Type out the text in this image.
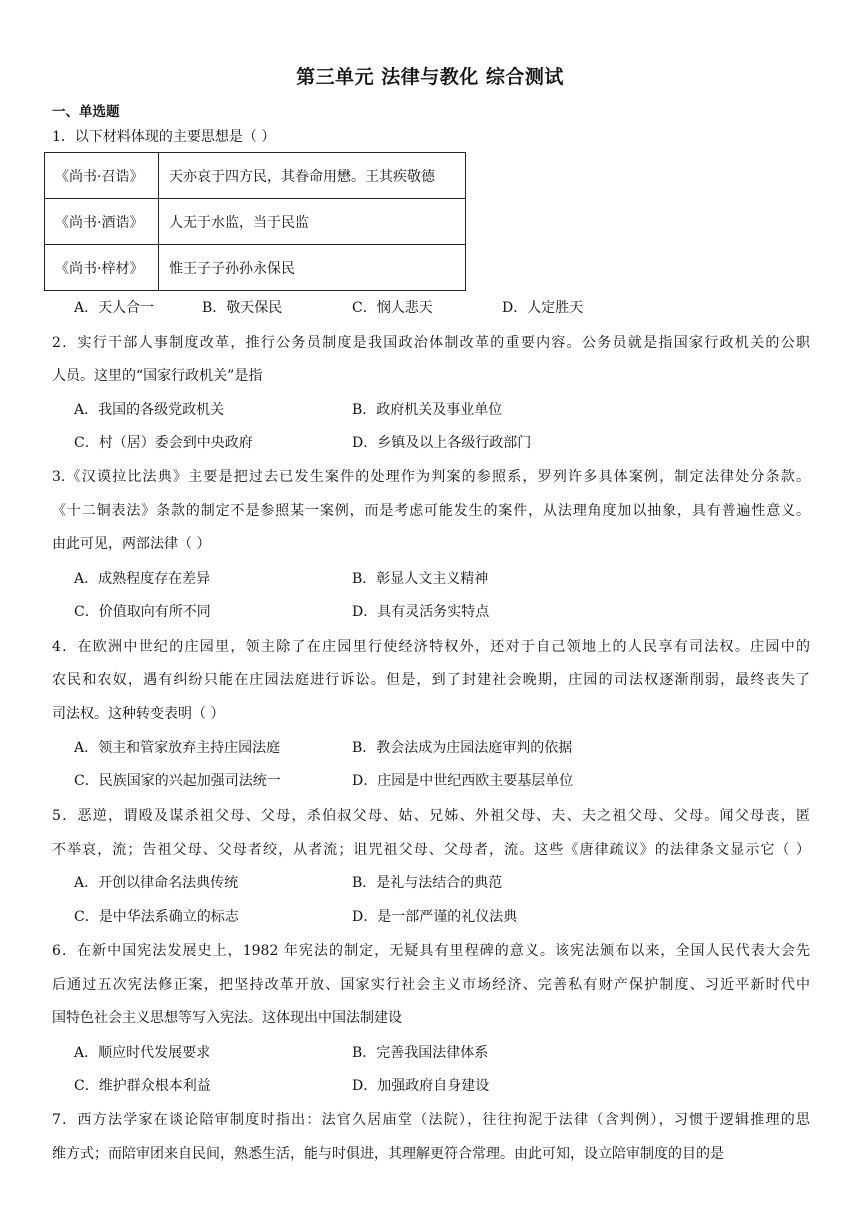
第三单元 法律与教化 综合测试
一、单选题
1．以下材料体现的主要思想是（ ）
《尚书·召诰》	天亦哀于四方民，其眷命用懋。王其疾敬德
《尚书·酒诰》	人无于水监，当于民监
《尚书·梓材》	惟王子子孙孙永保民
A．天人合一	B．敬天保民	C．悯人悲天	D．人定胜天
2．实行干部人事制度改革，推行公务员制度是我国政治体制改革的重要内容。公务员就是指国家行政机关的公职
人员。这里的“国家行政机关”是指
A．我国的各级党政机关	B．政府机关及事业单位
C．村（居）委会到中央政府	D．乡镇及以上各级行政部门
3.《汉谟拉比法典》主要是把过去已发生案件的处理作为判案的参照系，罗列许多具体案例，制定法律处分条款。
《十二铜表法》条款的制定不是参照某一案例，而是考虑可能发生的案件，从法理角度加以抽象，具有普遍性意义。
由此可见，两部法律（ ）
A．成熟程度存在差异	B．彰显人文主义精神
C．价值取向有所不同	D．具有灵活务实特点
4．在欧洲中世纪的庄园里，领主除了在庄园里行使经济特权外，还对于自己领地上的人民享有司法权。庄园中的
农民和农奴，遇有纠纷只能在庄园法庭进行诉讼。但是，到了封建社会晚期，庄园的司法权逐渐削弱，最终丧失了
司法权。这种转变表明（ ）
A．领主和管家放弃主持庄园法庭	B．教会法成为庄园法庭审判的依据
C．民族国家的兴起加强司法统一	D．庄园是中世纪西欧主要基层单位
5．恶逆，谓殴及谋杀祖父母、父母，杀伯叔父母、姑、兄姊、外祖父母、夫、夫之祖父母、父母。闻父母丧，匿
不举哀，流；告祖父母、父母者绞，从者流；诅咒祖父母、父母者，流。这些《唐律疏议》的法律条文显示它（ ）
A．开创以律命名法典传统	B．是礼与法结合的典范
C．是中华法系确立的标志	D．是一部严谨的礼仪法典
6．在新中国宪法发展史上，1982 年宪法的制定，无疑具有里程碑的意义。该宪法颁布以来，全国人民代表大会先
后通过五次宪法修正案，把坚持改革开放、国家实行社会主义市场经济、完善私有财产保护制度、习近平新时代中
国特色社会主义思想等写入宪法。这体现出中国法制建设
A．顺应时代发展要求	B．完善我国法律体系
C．维护群众根本利益	D．加强政府自身建设
7．西方法学家在谈论陪审制度时指出：法官久居庙堂（法院），往往拘泥于法律（含判例），习惯于逻辑推理的思
维方式；而陪审团来自民间，熟悉生活，能与时俱进，其理解更符合常理。由此可知，设立陪审制度的目的是
